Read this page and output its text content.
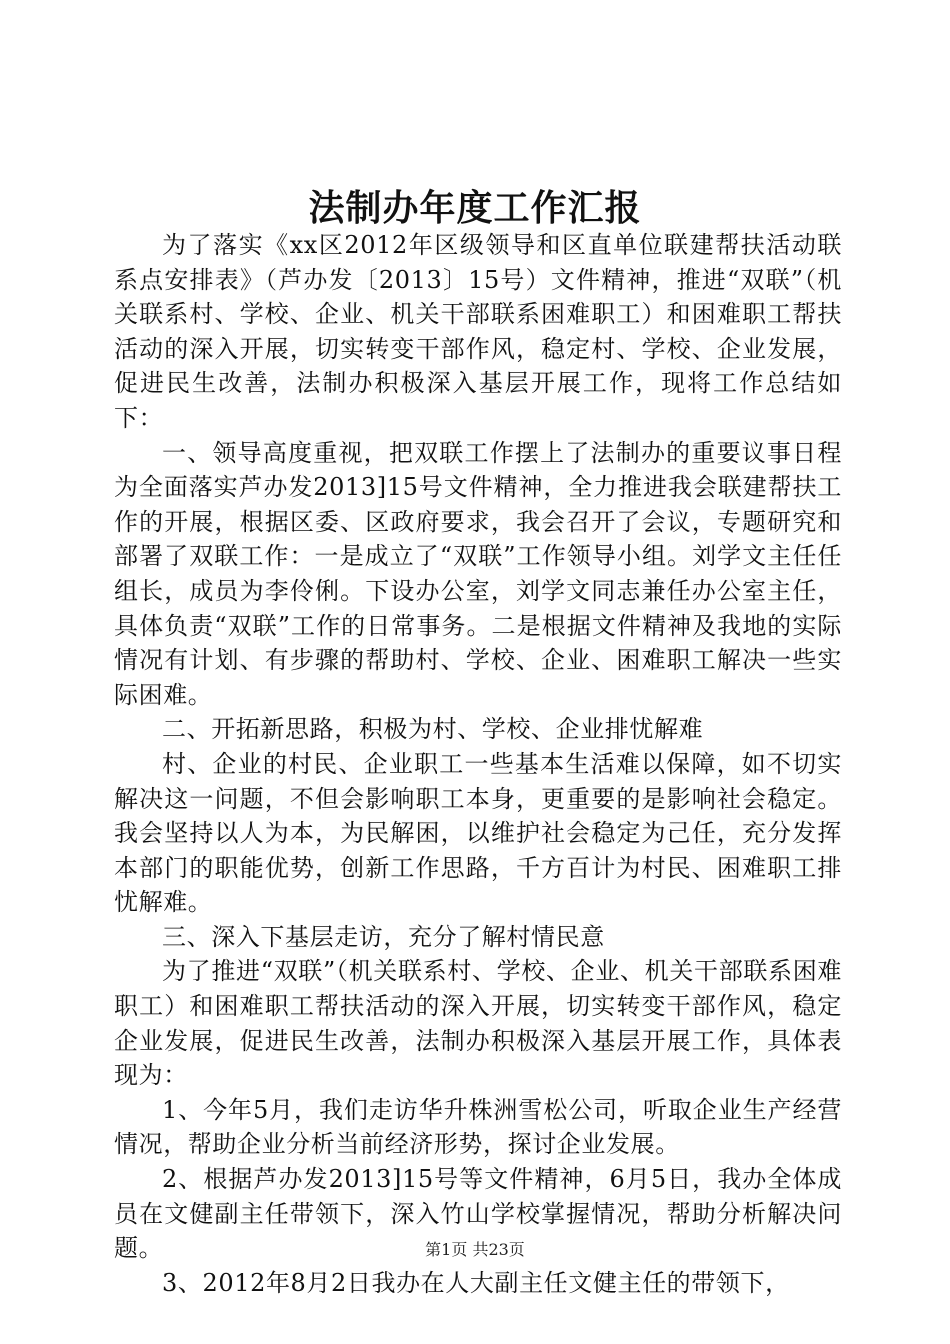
法制办年度工作汇报

为了落实《xx区2012年区级领导和区直单位联建帮扶活动联系点安排表》（芦办发〔2013〕15号）文件精神，推进“双联”（机关联系村、学校、企业、机关干部联系困难职工）和困难职工帮扶活动的深入开展，切实转变干部作风，稳定村、学校、企业发展，促进民生改善，法制办积极深入基层开展工作，现将工作总结如下：

一、领导高度重视，把双联工作摆上了法制办的重要议事日程为全面落实芦办发2013]15号文件精神，全力推进我会联建帮扶工作的开展，根据区委、区政府要求，我会召开了会议，专题研究和部署了双联工作：一是成立了“双联”工作领导小组。刘学文主任任组长，成员为李伶俐。下设办公室，刘学文同志兼任办公室主任，具体负责“双联”工作的日常事务。二是根据文件精神及我地的实际情况有计划、有步骤的帮助村、学校、企业、困难职工解决一些实际困难。

二、开拓新思路，积极为村、学校、企业排忧解难

村、企业的村民、企业职工一些基本生活难以保障，如不切实解决这一问题，不但会影响职工本身，更重要的是影响社会稳定。我会坚持以人为本，为民解困，以维护社会稳定为己任，充分发挥本部门的职能优势，创新工作思路，千方百计为村民、困难职工排忧解难。

三、深入下基层走访，充分了解村情民意

为了推进“双联”（机关联系村、学校、企业、机关干部联系困难职工）和困难职工帮扶活动的深入开展，切实转变干部作风，稳定企业发展，促进民生改善，法制办积极深入基层开展工作，具体表现为：

1、今年5月，我们走访华升株洲雪松公司，听取企业生产经营情况，帮助企业分析当前经济形势，探讨企业发展。

2、根据芦办发2013]15号等文件精神，6月5日，我办全体成员在文健副主任带领下，深入竹山学校掌握情况，帮助分析解决问题。

3、2012年8月2日我办在人大副主任文健主任的带领下，

第1页 共23页
